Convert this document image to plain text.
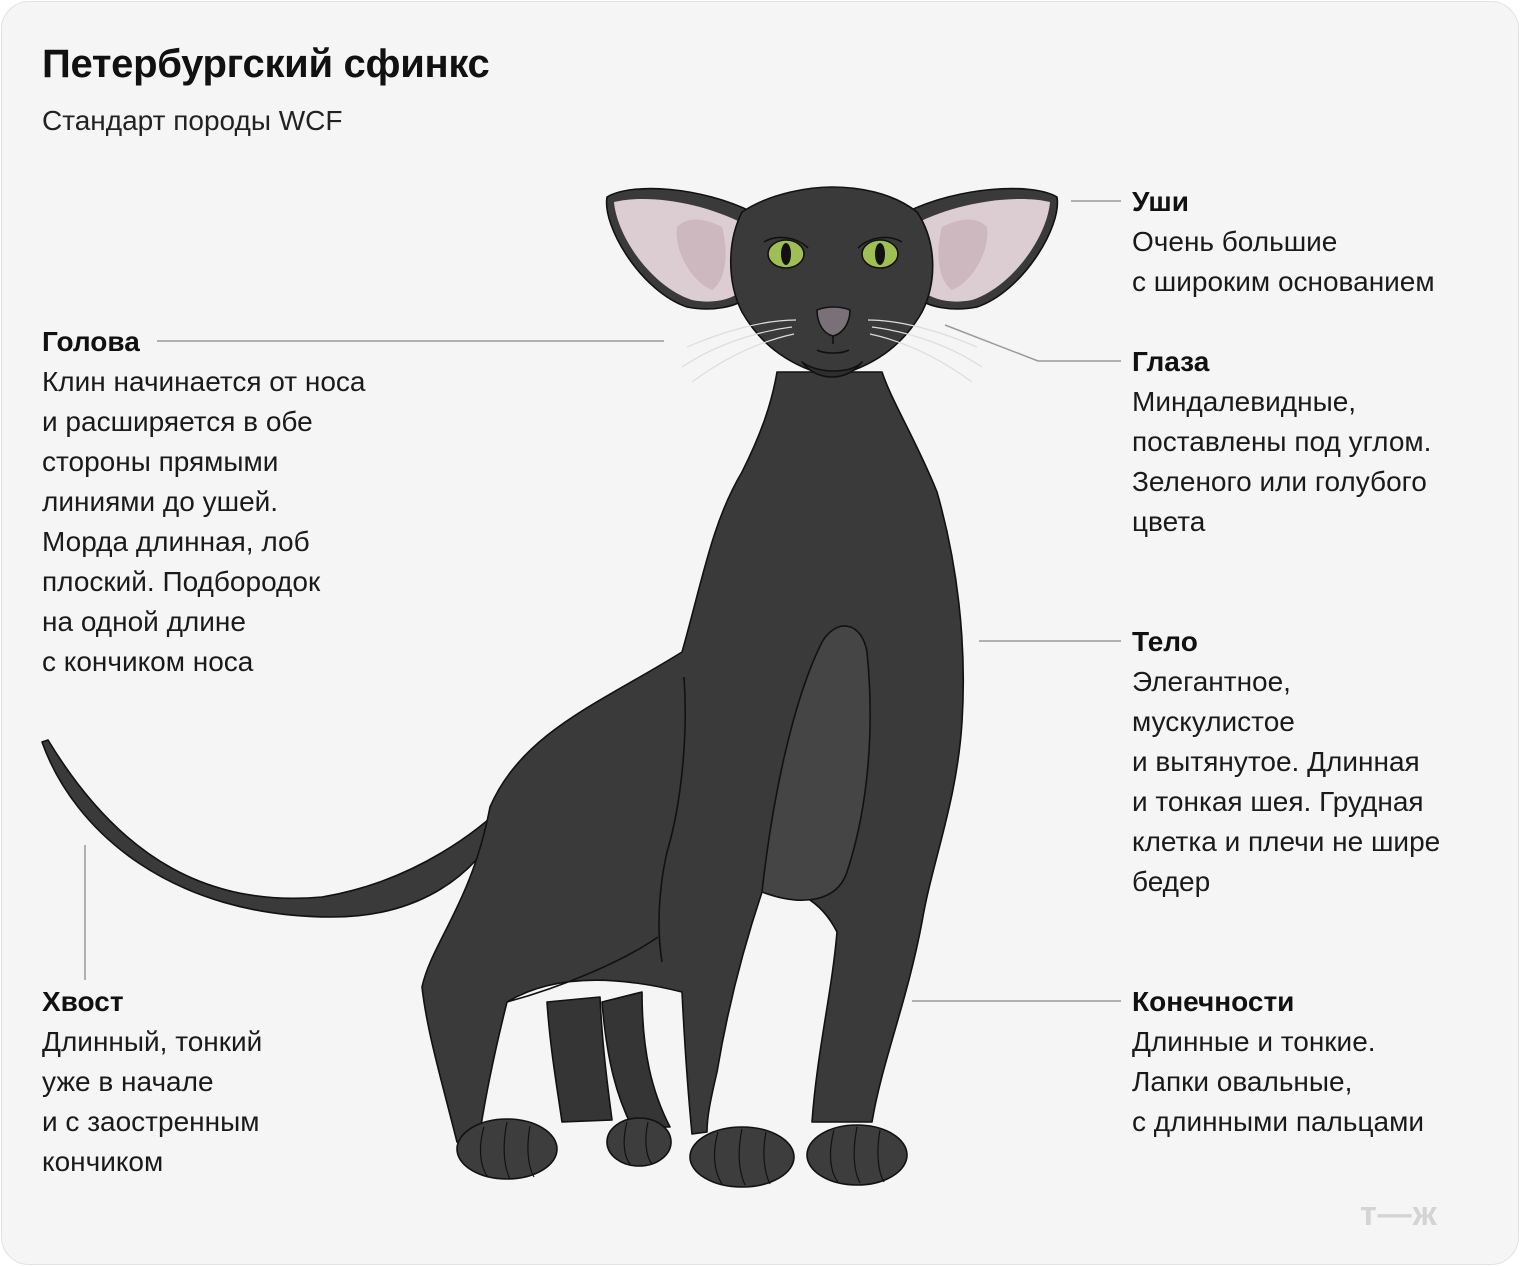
Петербургский сфинкс
Стандарт породы WCF
Уши
Очень большие
с широким основанием
Голова
Клин начинается от носа
и расширяется в обе
стороны прямыми
линиями до ушей.
Морда длинная, лоб
плоский. Подбородок
на одной длине
с кончиком носа
Глаза
Миндалевидные,
поставлены под углом.
Зеленого или голубого
цвета
Тело
Элегантное,
мускулистое
и вытянутое. Длинная
и тонкая шея. Грудная
клетка и плечи не шире
бедер
Конечности
Длинные и тонкие.
Лапки овальные,
с длинными пальцами
Хвост
Длинный, тонкий
уже в начале
и с заостренным
кончиком
т—ж
